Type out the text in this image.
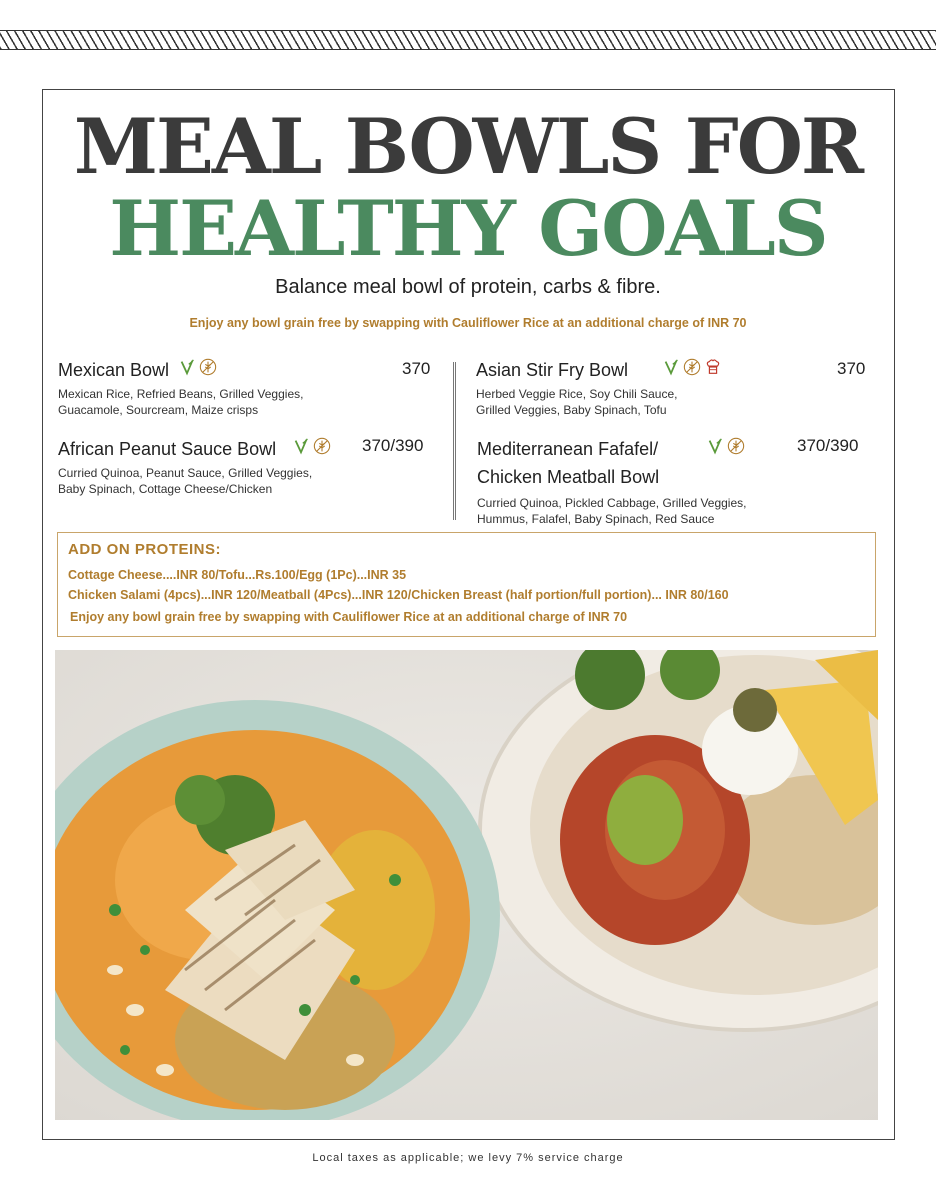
MEAL BOWLS FOR
HEALTHY GOALS
Balance meal bowl of protein, carbs & fibre.
Enjoy any bowl grain free by swapping with Cauliflower Rice at an additional charge of INR 70
Mexican Bowl	370
Mexican Rice, Refried Beans, Grilled Veggies,
Guacamole, Sourcream, Maize crisps
Asian Stir Fry Bowl	370
Herbed Veggie Rice, Soy Chili Sauce,
Grilled Veggies, Baby Spinach, Tofu
African Peanut Sauce Bowl	370/390
Curried Quinoa, Peanut Sauce, Grilled Veggies,
Baby Spinach, Cottage Cheese/Chicken
Mediterranean Fafafel/
Chicken Meatball Bowl
370/390
Curried Quinoa, Pickled Cabbage, Grilled Veggies,
Hummus, Falafel, Baby Spinach, Red Sauce
ADD ON PROTEINS:
Cottage Cheese....INR 80/Tofu...Rs.100/Egg (1Pc)...INR 35
Chicken Salami (4pcs)...INR 120/Meatball (4Pcs)...INR 120/Chicken Breast (half portion/full portion)... INR 80/160
Enjoy any bowl grain free by swapping with Cauliflower Rice at an additional charge of INR 70
Local taxes as applicable; we levy 7% service charge
